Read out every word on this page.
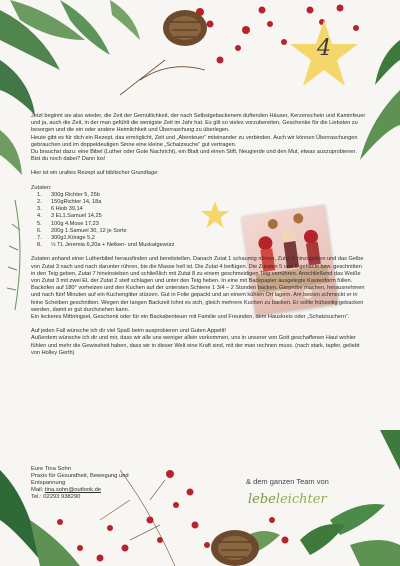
4

Jetzt beginnt sie also wieder, die Zeit der Gemütlichkeit, der nach Selbstgebackenem duftenden Häuser, Kerzenschein und Kaminfeuer und ja, auch die Zeit, in der man gefühlt die wenigste Zeit im Jahr hat. Es gilt so vieles vorzubereiten, Geschenke für die Liebsten zu besorgen und die ein oder andere Heimlichkeit und Überraschung zu überlegen.

Heute gibt es für dich ein Rezept, das ermöglicht, Zeit und „Abenteuer“ miteinander zu verbinden. Auch wir können Überraschungen gebrauchen und im doppeldeutigen Sinne eine kleine „Schatzsuche“ gut vertragen.

Du brauchst dazu: eine Bibel (Luther oder Gute Nachricht), ein Blatt und einen Stift, Neugierde und den Mut, etwas auszuprobieren.

Bist du noch dabei? Dann los!

Hier ist ein uraltes Rezept auf biblischer Grundlage:

Zutaten:

1. 300g Richter 5, 25b
2. 150gRichter 14, 18a
3. 6 Hiob 39,14
4. 3 EL1.Samuel 14,25
5. 100g 4.Mose 17,23
6. 200g 1.Samuel 30, 12 je Sorte
7. 300g1.Könige 5,2
8. ½ TL Jeremia 6,20a + Nelken- und Muskatgewürz

Zutaten anhand einer Lutherbibel herausfinden und bereitstellen. Danach Zutat 1 schaumig rühren, Zutat 2 hinzugeben und das Gelbe von Zutat 3 nach und nach darunter rühren, bis die Masse hell ist. Die Zutat 4 beifügen. Die Zutaten 5 und 6 gehackt bzw. geschnitten in den Teig geben, Zutat 7 hineinsieben und schließlich mit Zutat 8 zu einem geschmeidigen Teig verrühren. Anschließend das Weiße von Zutat 3 mit zwei EL der Zutat 2 steif schlagen und unter den Teig heben. In eine mit Backpapier ausgelegte Kastenform füllen. Backofen auf 180° vorheizen und den Kuchen auf der untersten Schiene 1 3/4 – 2 Stunden backen. Garprobe machen, herausnehmen und nach fünf Minuten auf ein Kuchengitter stürzen. Gut in Folie gepackt und an einem kühlen Ort lagern. Am besten schmeckt er in feine Scheiben geschnitten. Wegen der langen Backzeit lohnt es sich, gleich mehrere Kuchen zu backen. Er sollte frühzeitig gebacken werden, damit er gut durchziehen kann.

Ein leckeres Mitbringsel, Geschenk oder für ein Backabenteuer mit Familie und Freunden, dem Hauskreis oder „Schatzsuchern“.

Auf jeden Fall wünsche ich dir viel Spaß beim ausprobieren und Guten Appetit!

Außerdem wünsche ich dir und mir, dass wir alle uns weniger allein vorkommen, uns in unserer von Gott geschaffenen Haut wohler fühlen und mehr die Gewissheit haben, dass wir in dieser Welt eine Kraft sind, mit der man rechnen muss. (nach stark, tapfer, geliebt von Holley Gerth)

Eure Tina Sohn

Praxis für Gesundheit, Bewegung und

Entspannung

Mail: tina.sohn@outlook.de

Tel.: 02293 938290

& dem ganzen Team von
lebeleichter
